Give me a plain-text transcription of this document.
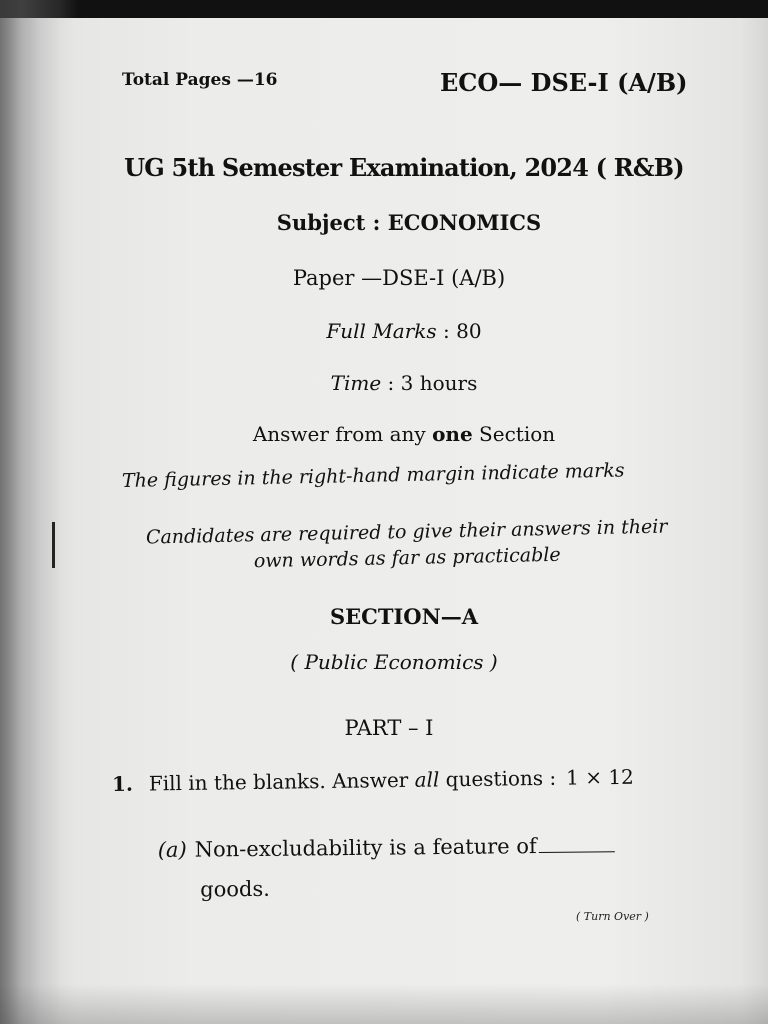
Total Pages —16	ECO— DSE-I (A/B)
UG 5th Semester Examination, 2024 ( R&B)
Subject : ECONOMICS
Paper —DSE-I (A/B)
Full Marks : 80
Time : 3 hours
Answer from any one Section
The figures in the right-hand margin indicate marks
Candidates are required to give their answers in their
own words as far as practicable
SECTION—A
( Public Economics )
PART – I
1. Fill in the blanks. Answer all questions : 1 × 12
(a) Non-excludability is a feature of
goods.
( Turn Over )
